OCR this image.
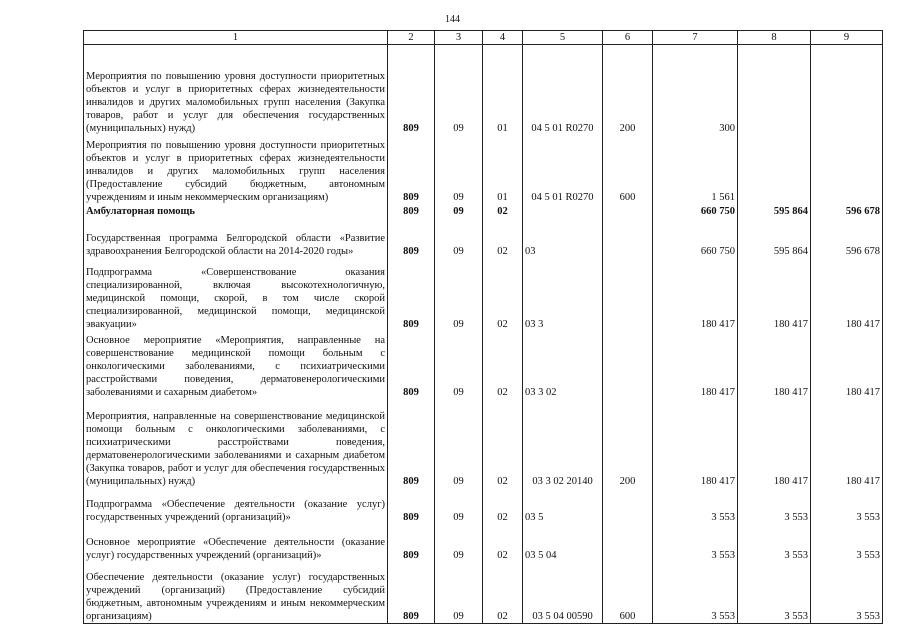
144
1	2	3	4	5	6	7	8	9
Мероприятия по повышению уровня доступности приоритетных объектов и услуг в приоритетных сферах жизнедеятельности инвалидов и других маломобильных групп населения (Закупка товаров, работ и услуг для обеспечения государственных (муниципальных) нужд)	809	09	01	04 5 01 R0270	200	300		
Мероприятия по повышению уровня доступности приоритетных объектов и услуг в приоритетных сферах жизнедеятельности инвалидов и других маломобильных групп населения (Предоставление субсидий бюджетным, автономным учреждениям и иным некоммерческим организациям)	809	09	01	04 5 01 R0270	600	1 561		
Амбулаторная помощь	809	09	02			660 750	595 864	596 678
Государственная программа Белгородской области «Развитие здравоохранения Белгородской области на 2014-2020 годы»	809	09	02	03		660 750	595 864	596 678
Подпрограмма «Совершенствование оказания специализированной, включая высокотехнологичную, медицинской помощи, скорой, в том числе скорой специализированной, медицинской помощи, медицинской эвакуации»	809	09	02	03 3		180 417	180 417	180 417
Основное мероприятие «Мероприятия, направленные на совершенствование медицинской помощи больным с онкологическими заболеваниями, с психиатрическими расстройствами поведения, дерматовенерологическими заболеваниями и сахарным диабетом»	809	09	02	03 3 02		180 417	180 417	180 417
Мероприятия, направленные на совершенствование медицинской помощи больным с онкологическими заболеваниями, с психиатрическими расстройствами поведения, дерматовенерологическими заболеваниями и сахарным диабетом (Закупка товаров, работ и услуг для обеспечения государственных (муниципальных) нужд)	809	09	02	03 3 02 20140	200	180 417	180 417	180 417
Подпрограмма «Обеспечение деятельности (оказание услуг) государственных учреждений (организаций)»	809	09	02	03 5		3 553	3 553	3 553
Основное мероприятие «Обеспечение деятельности (оказание услуг) государственных учреждений (организаций)»	809	09	02	03 5 04		3 553	3 553	3 553
Обеспечение деятельности (оказание услуг) государственных учреждений (организаций) (Предоставление субсидий бюджетным, автономным учреждениям и иным некоммерческим организациям)	809	09	02	03 5 04 00590	600	3 553	3 553	3 553
